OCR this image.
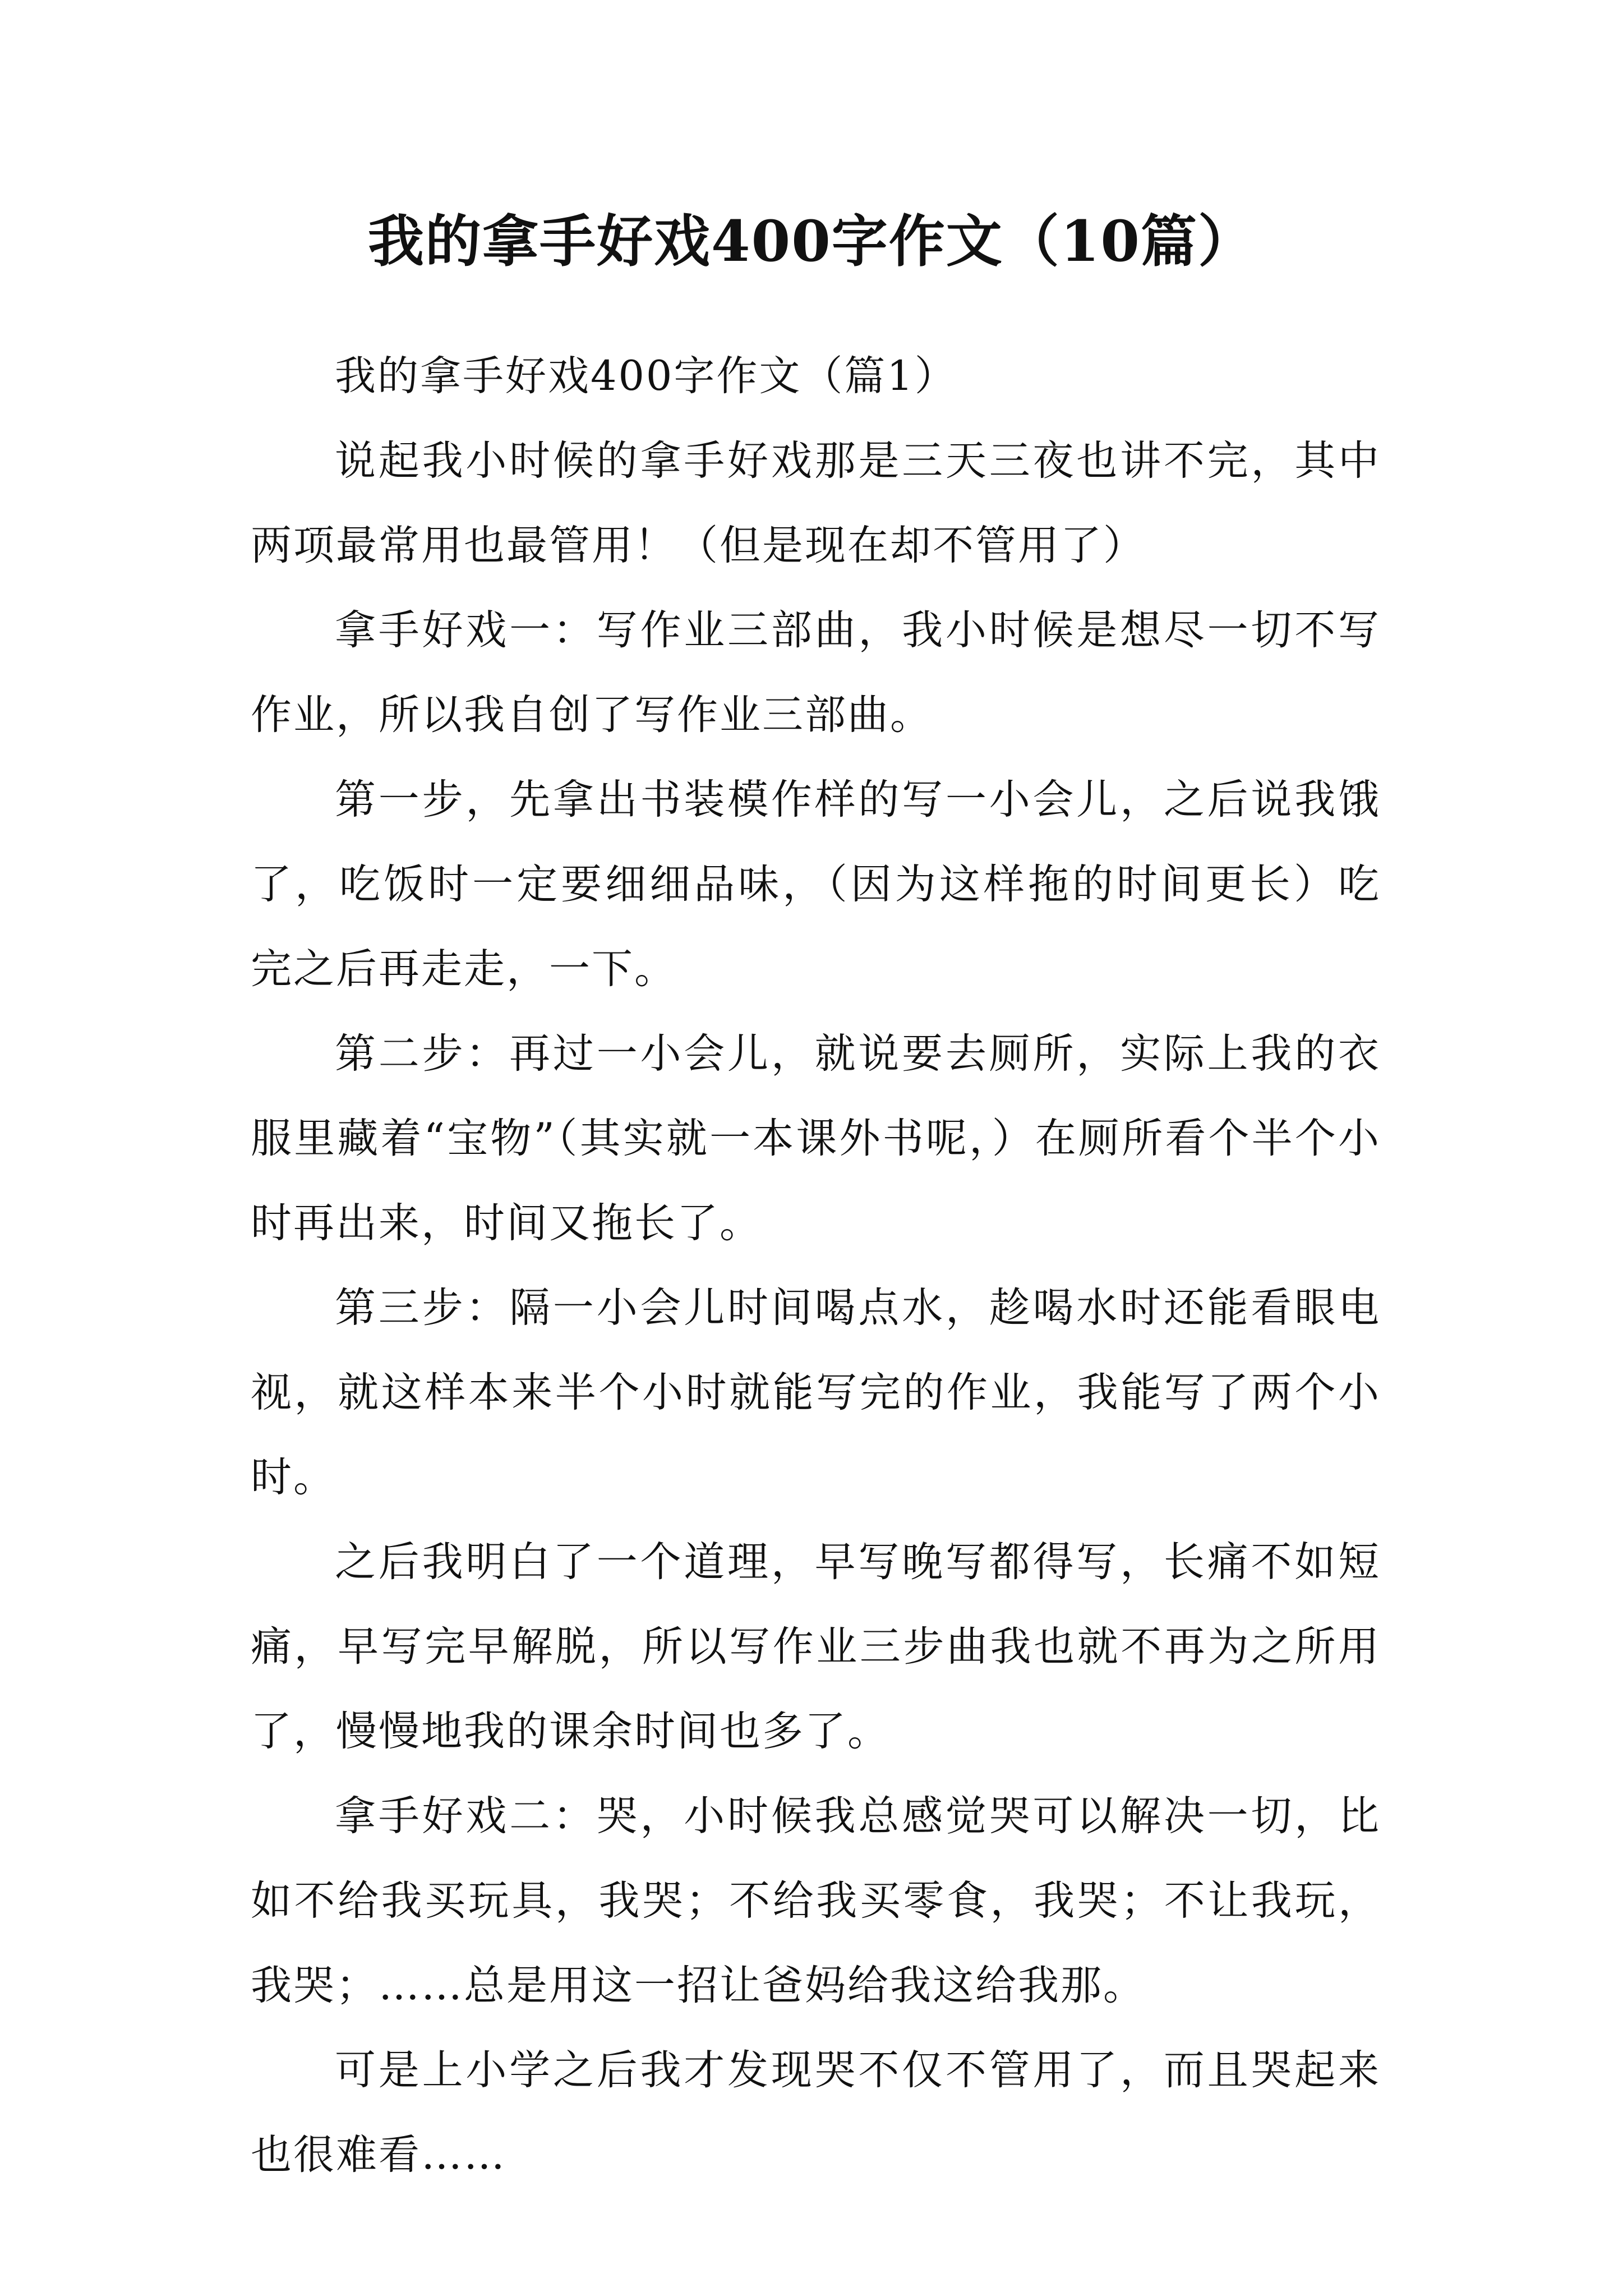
我的拿手好戏400字作文（10篇）

我的拿手好戏400字作文（篇1）

说起我小时候的拿手好戏那是三天三夜也讲不完，其中两项最常用也最管用！（但是现在却不管用了）

拿手好戏一：写作业三部曲，我小时候是想尽一切不写作业，所以我自创了写作业三部曲。

第一步，先拿出书装模作样的写一小会儿，之后说我饿了，吃饭时一定要细细品味，（因为这样拖的时间更长）吃完之后再走走，一下。

第二步：再过一小会儿，就说要去厕所，实际上我的衣服里藏着“宝物”（其实就一本课外书呢，）在厕所看个半个小时再出来，时间又拖长了。

第三步：隔一小会儿时间喝点水，趁喝水时还能看眼电视，就这样本来半个小时就能写完的作业，我能写了两个小时。

之后我明白了一个道理，早写晚写都得写，长痛不如短痛，早写完早解脱，所以写作业三步曲我也就不再为之所用了，慢慢地我的课余时间也多了。

拿手好戏二：哭，小时候我总感觉哭可以解决一切，比如不给我买玩具，我哭；不给我买零食，我哭；不让我玩，我哭；……总是用这一招让爸妈给我这给我那。

可是上小学之后我才发现哭不仅不管用了，而且哭起来也很难看……
